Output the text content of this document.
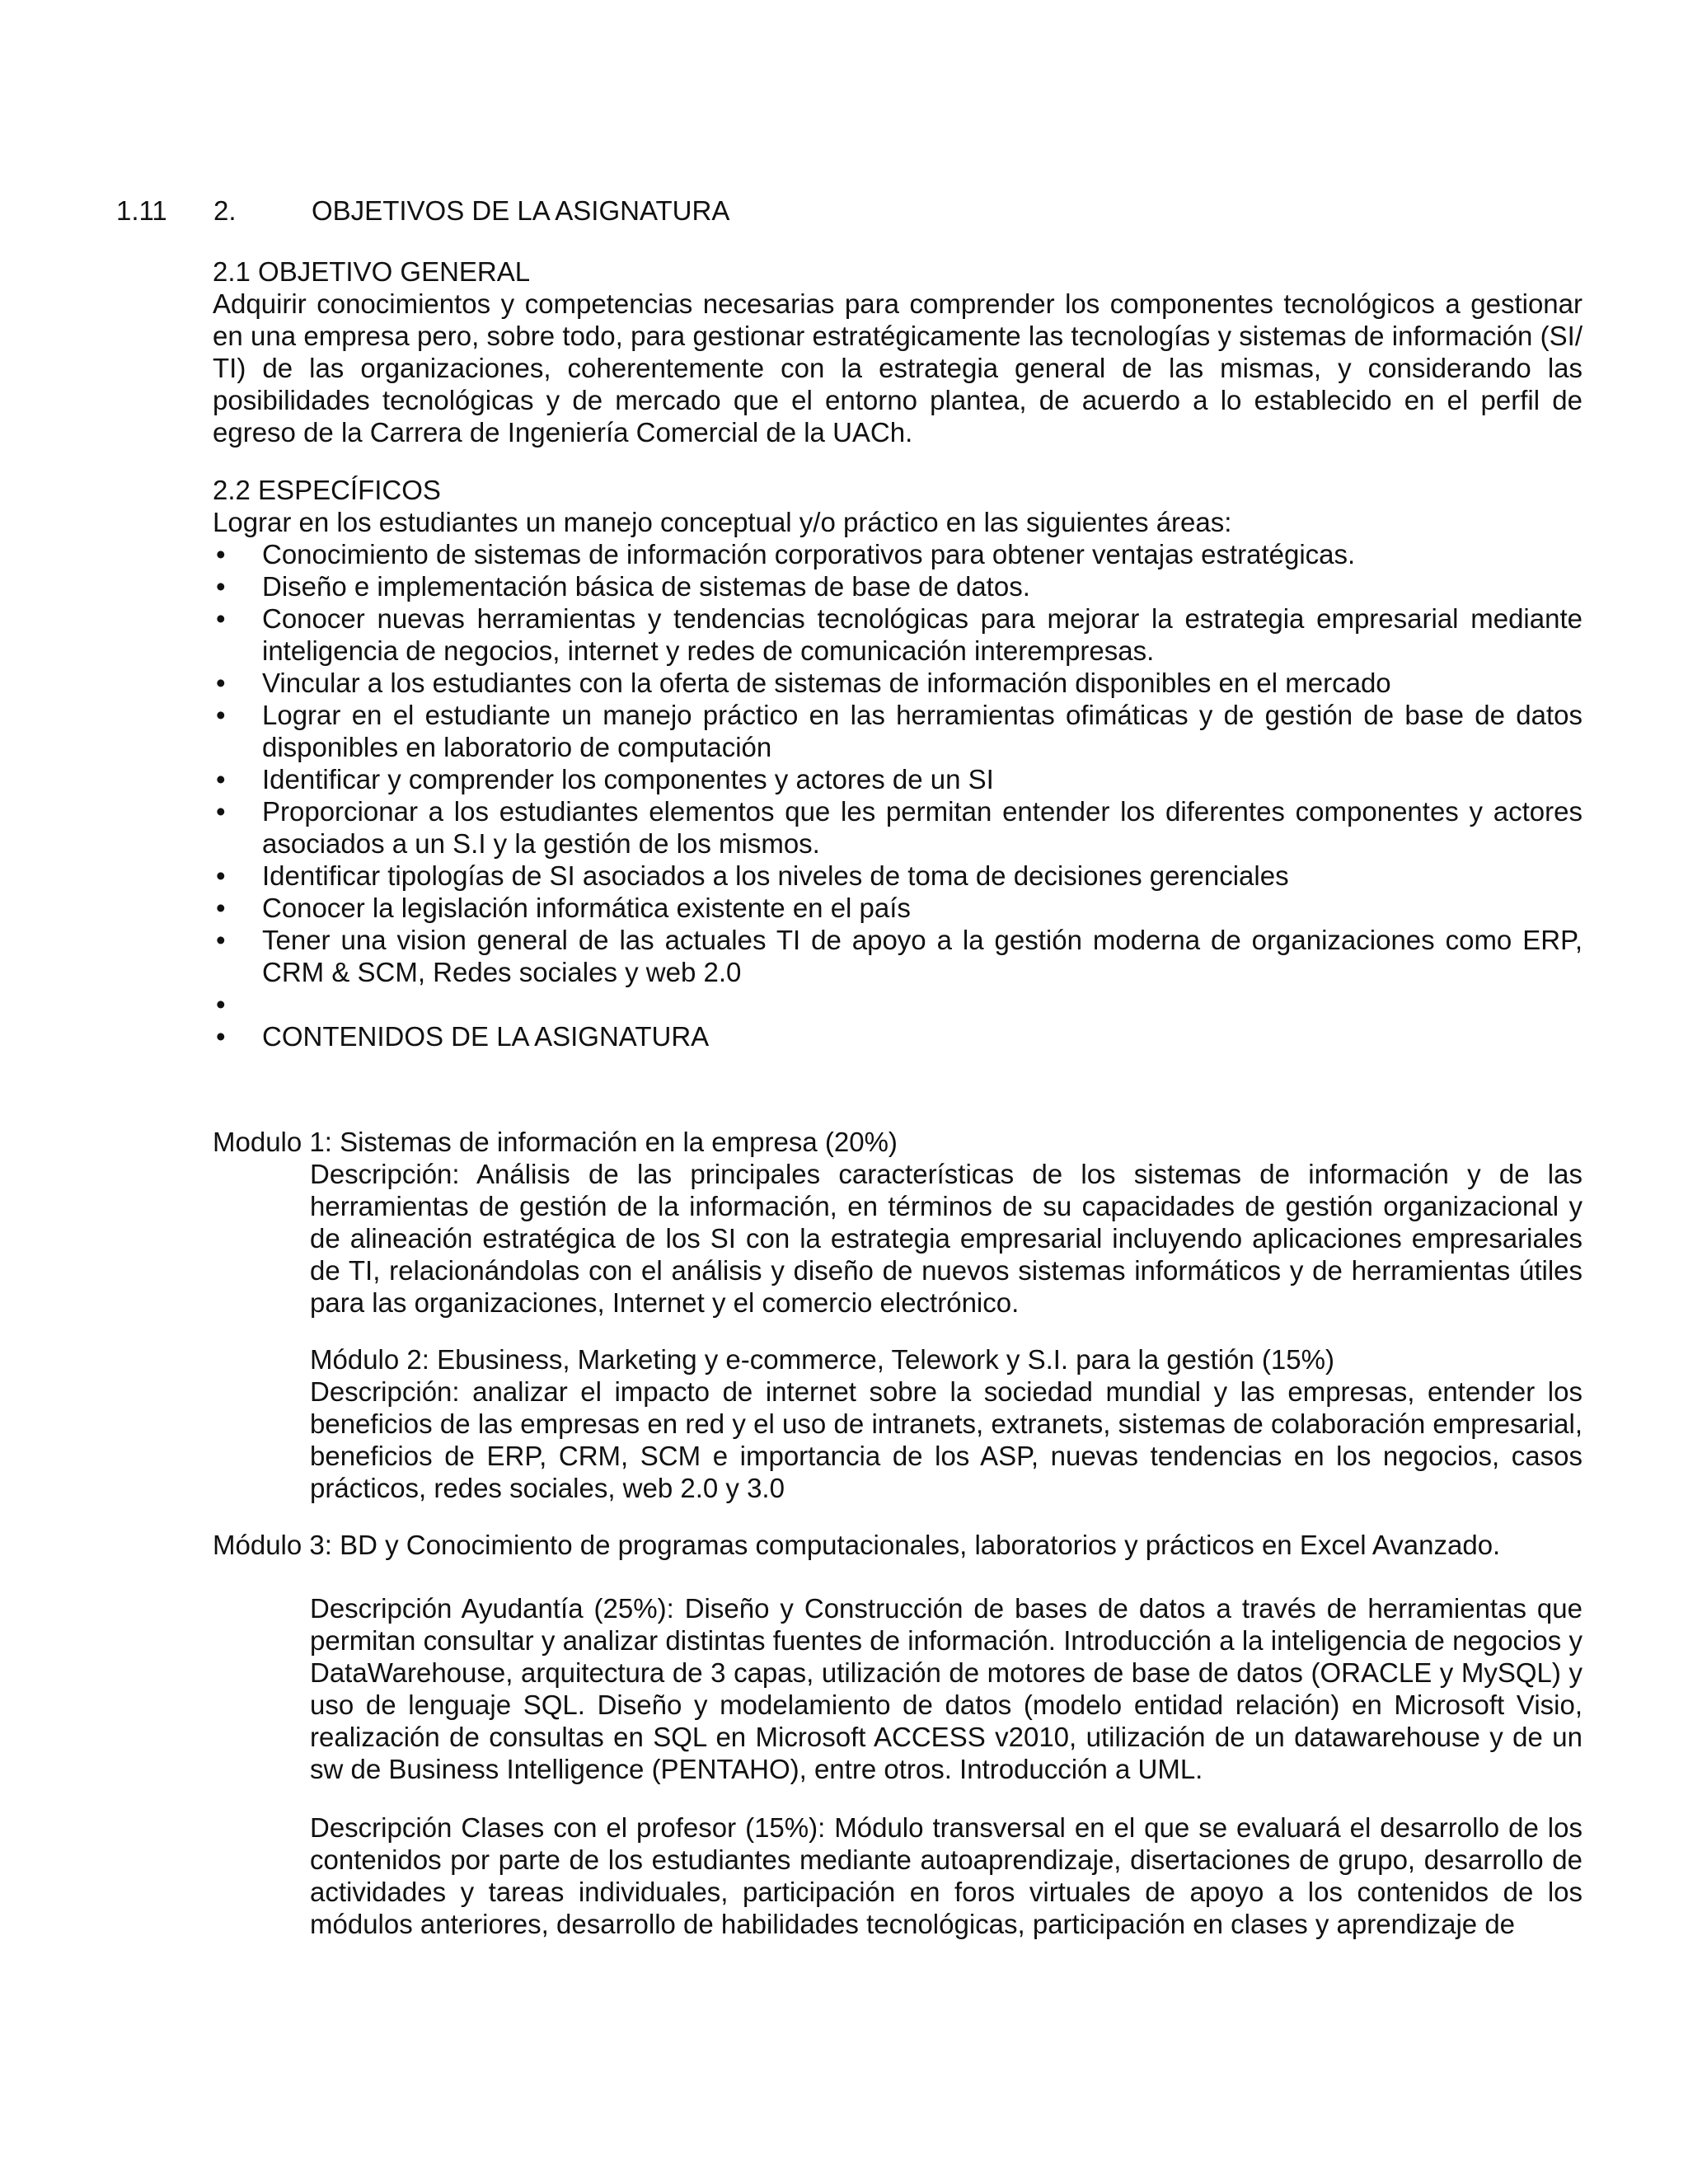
1.11 2.	OBJETIVOS DE LA ASIGNATURA
2.1 OBJETIVO GENERAL
Adquirir conocimientos y competencias necesarias para comprender los componentes tecnológicos a gestionar en una empresa pero, sobre todo, para gestionar estratégicamente las tecnologías y sistemas de información (SI/ TI) de las organizaciones, coherentemente con la estrategia general de las mismas, y considerando las posibilidades tecnológicas y de mercado que el entorno plantea, de acuerdo a lo establecido en el perfil de egreso de la Carrera de Ingeniería Comercial de la UACh.
2.2 ESPECÍFICOS
Lograr en los estudiantes un manejo conceptual y/o práctico en las siguientes áreas:
•	Conocimiento de sistemas de información corporativos para obtener ventajas estratégicas.
•	Diseño e implementación básica de sistemas de base de datos.
•	Conocer nuevas herramientas y tendencias tecnológicas para mejorar la estrategia empresarial mediante inteligencia de negocios, internet y redes de comunicación interempresas.
•	Vincular a los estudiantes con la oferta de sistemas de información disponibles en el mercado
•	Lograr en el estudiante un manejo práctico en las herramientas ofimáticas y de gestión de base de datos disponibles en laboratorio de computación
•	Identificar y comprender los componentes y actores de un SI
•	Proporcionar a los estudiantes elementos que les permitan entender los diferentes componentes y actores asociados a un S.I y la gestión de los mismos.
•	Identificar tipologías de SI asociados a los niveles de toma de decisiones gerenciales
•	Conocer la legislación informática existente en el país
•	Tener una vision general de las actuales TI de apoyo a la gestión moderna de organizaciones como ERP, CRM & SCM, Redes sociales y web 2.0
•
•	CONTENIDOS DE LA ASIGNATURA
Modulo 1: Sistemas de información en la empresa (20%)
Descripción: Análisis de las principales características de los sistemas de información y de las herramientas de gestión de la información, en términos de su capacidades de gestión organizacional y de alineación estratégica de los SI con la estrategia empresarial incluyendo aplicaciones empresariales de TI, relacionándolas con el análisis y diseño de nuevos sistemas informáticos y de herramientas útiles para las organizaciones, Internet y el comercio electrónico.
Módulo 2: Ebusiness, Marketing y e-commerce, Telework y S.I. para la gestión (15%)
Descripción: analizar el impacto de internet sobre la sociedad mundial y las empresas, entender los beneficios de las empresas en red y el uso de intranets, extranets, sistemas de colaboración empresarial, beneficios de ERP, CRM, SCM e importancia de los ASP, nuevas tendencias en los negocios, casos prácticos, redes sociales, web 2.0 y 3.0
Módulo 3: BD y Conocimiento de programas computacionales, laboratorios y prácticos en Excel Avanzado.
Descripción Ayudantía (25%): Diseño y Construcción de bases de datos a través de herramientas que permitan consultar y analizar distintas fuentes de información. Introducción a la inteligencia de negocios y DataWarehouse, arquitectura de 3 capas, utilización de motores de base de datos (ORACLE y MySQL) y uso de lenguaje SQL. Diseño y modelamiento de datos (modelo entidad relación) en Microsoft Visio, realización de consultas en SQL en Microsoft ACCESS v2010, utilización de un datawarehouse y de un sw de Business Intelligence (PENTAHO), entre otros. Introducción a UML.
Descripción Clases con el profesor (15%): Módulo transversal en el que se evaluará el desarrollo de los contenidos por parte de los estudiantes mediante autoaprendizaje, disertaciones de grupo, desarrollo de actividades y tareas individuales, participación en foros virtuales de apoyo a los contenidos de los módulos anteriores, desarrollo de habilidades tecnológicas, participación en clases y aprendizaje de
